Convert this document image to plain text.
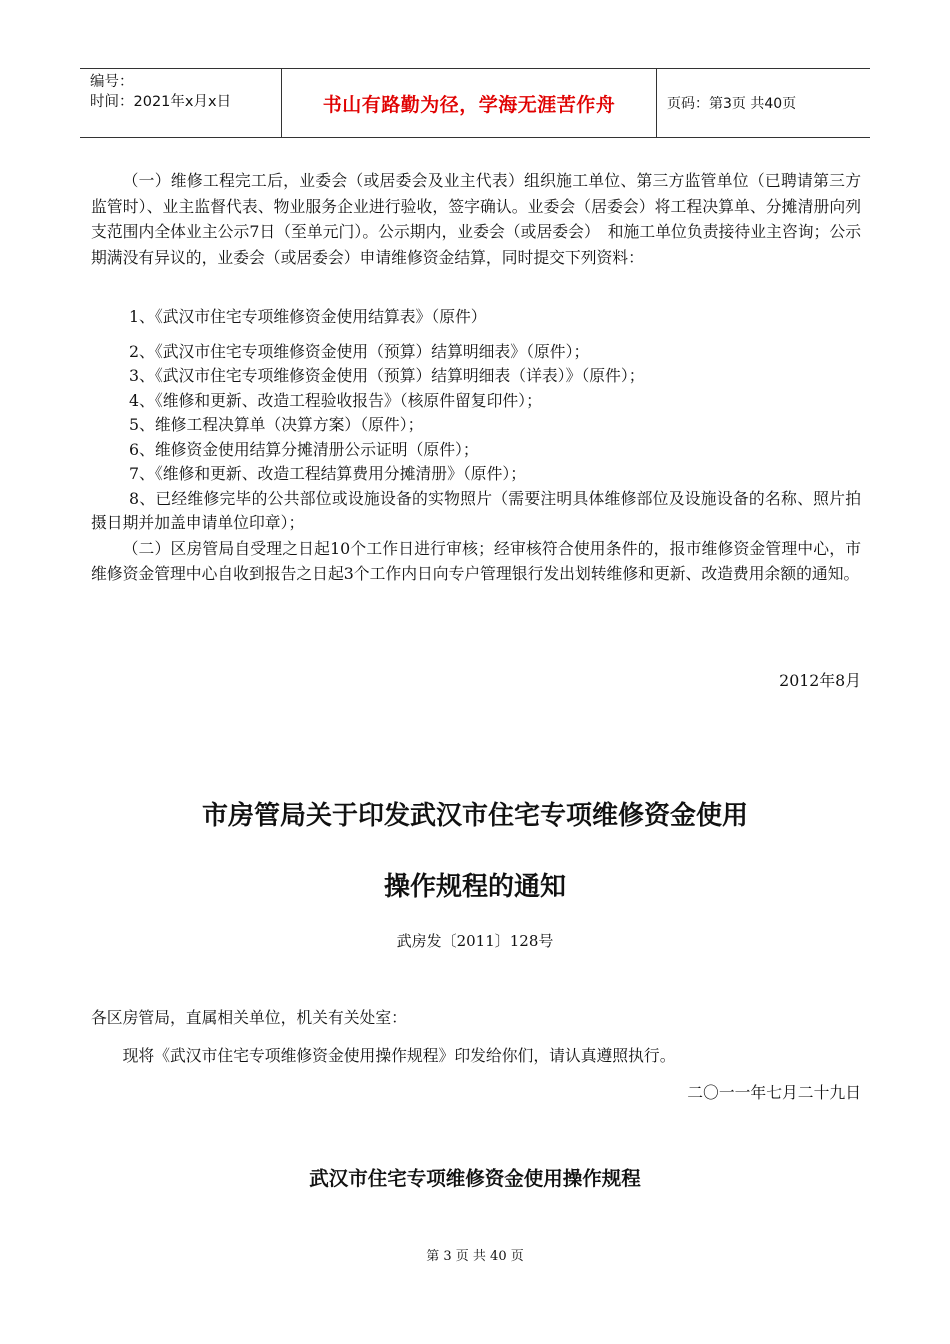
编号：
时间：2021年x月x日	书山有路勤为径，学海无涯苦作舟	页码：第3页 共40页

（一）维修工程完工后，业委会（或居委会及业主代表）组织施工单位、第三方监管单位（已聘请第三方监管时）、业主监督代表、物业服务企业进行验收，签字确认。业委会（居委会）将工程决算单、分摊清册向列支范围内全体业主公示7日（至单元门）。公示期内，业委会（或居委会）　和施工单位负责接待业主咨询；公示期满没有异议的，业委会（或居委会）申请维修资金结算，同时提交下列资料：

1、《武汉市住宅专项维修资金使用结算表》（原件）

2、《武汉市住宅专项维修资金使用（预算）结算明细表》（原件）；

3、《武汉市住宅专项维修资金使用（预算）结算明细表（详表）》（原件）；

4、《维修和更新、改造工程验收报告》（核原件留复印件）；

5、维修工程决算单（决算方案）（原件）；

6、维修资金使用结算分摊清册公示证明（原件）；

7、《维修和更新、改造工程结算费用分摊清册》（原件）；

8、已经维修完毕的公共部位或设施设备的实物照片（需要注明具体维修部位及设施设备的名称、照片拍摄日期并加盖申请单位印章）；

（二）区房管局自受理之日起10个工作日进行审核；经审核符合使用条件的，报市维修资金管理中心，市维修资金管理中心自收到报告之日起3个工作内日向专户管理银行发出划转维修和更新、改造费用余额的通知。

2012年8月
市房管局关于印发武汉市住宅专项维修资金使用
操作规程的通知
武房发〔2011〕128号
各区房管局，直属相关单位，机关有关处室：
现将《武汉市住宅专项维修资金使用操作规程》印发给你们，请认真遵照执行。
二〇一一年七月二十九日
武汉市住宅专项维修资金使用操作规程
第 3 页 共 40 页
